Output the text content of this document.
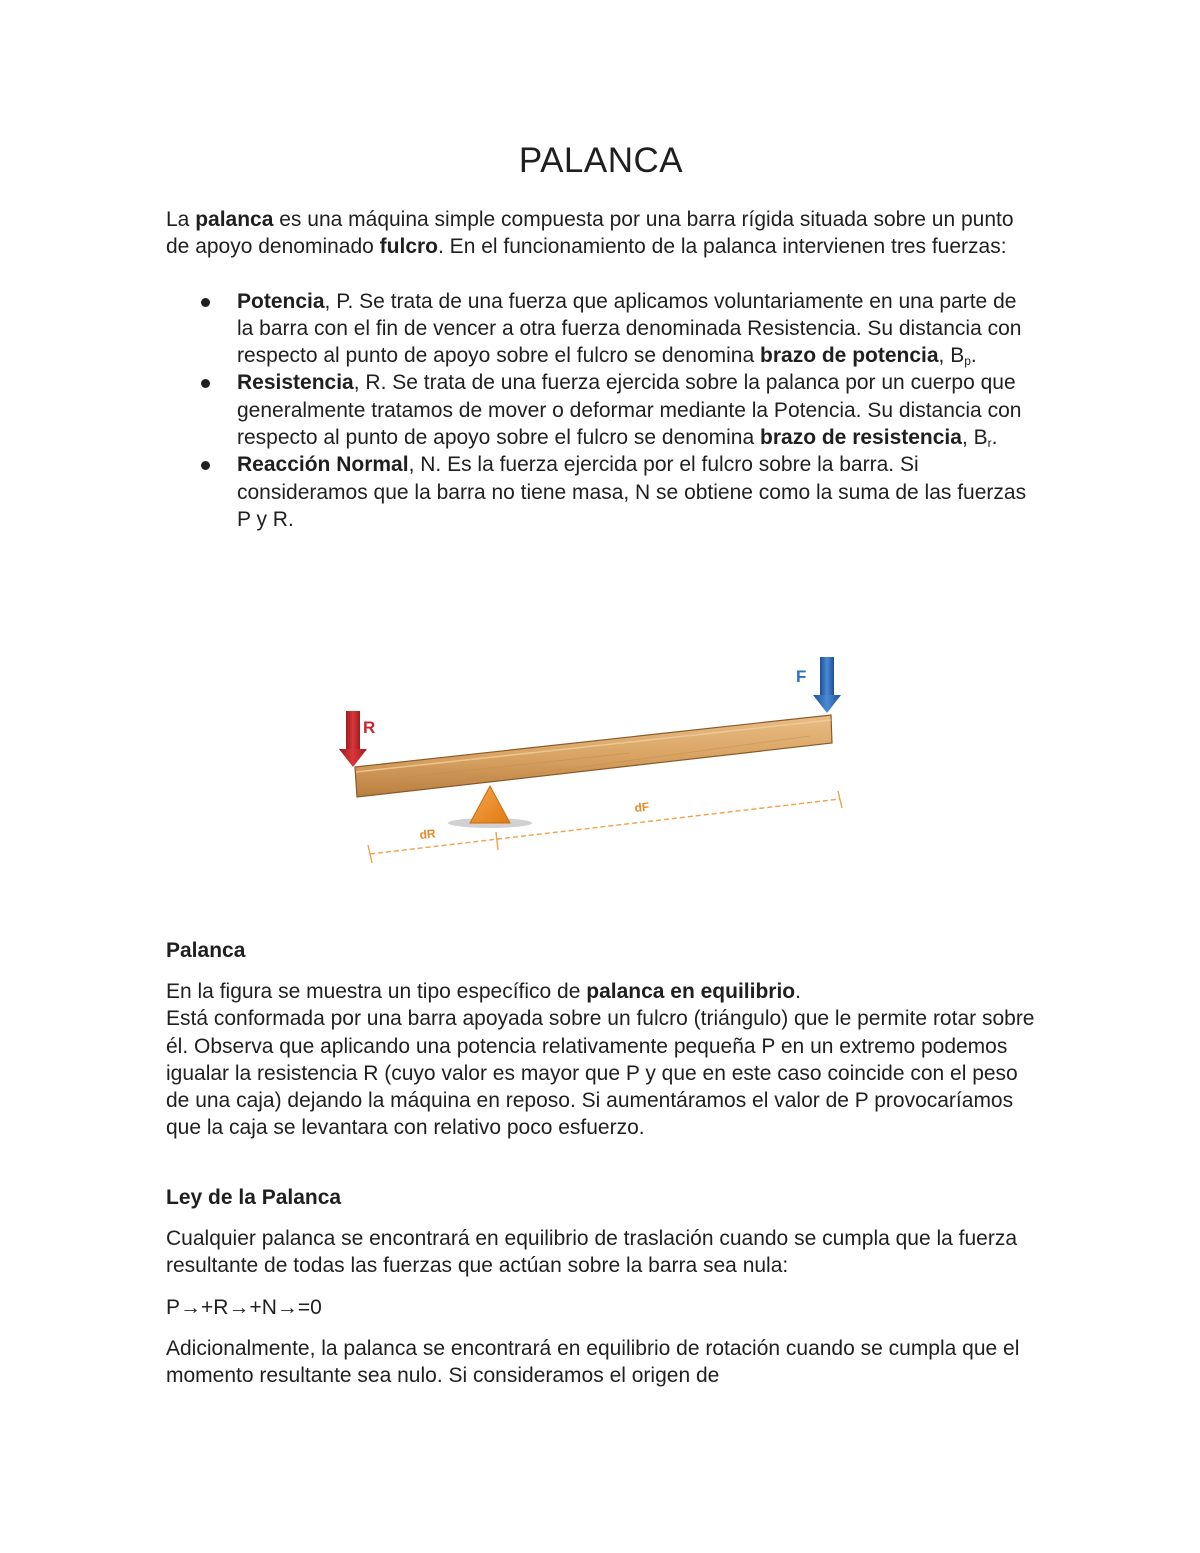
PALANCA

La palanca es una máquina simple compuesta por una barra rígida situada sobre un punto de apoyo denominado fulcro. En el funcionamiento de la palanca intervienen tres fuerzas:

Potencia, P. Se trata de una fuerza que aplicamos voluntariamente en una parte de la barra con el fin de vencer a otra fuerza denominada Resistencia. Su distancia con respecto al punto de apoyo sobre el fulcro se denomina brazo de potencia, $B_p$.
Resistencia, R. Se trata de una fuerza ejercida sobre la palanca por un cuerpo que generalmente tratamos de mover o deformar mediante la Potencia. Su distancia con respecto al punto de apoyo sobre el fulcro se denomina brazo de resistencia, $B_r$.
Reacción Normal, N. Es la fuerza ejercida por el fulcro sobre la barra. Si consideramos que la barra no tiene masa, N se obtiene como la suma de las fuerzas P y R.
R
F
dR
dF

Palanca

En la figura se muestra un tipo específico de palanca en equilibrio.

Está conformada por una barra apoyada sobre un fulcro (triángulo) que le permite rotar sobre él. Observa que aplicando una potencia relativamente pequeña P en un extremo podemos igualar la resistencia R (cuyo valor es mayor que P y que en este caso coincide con el peso de una caja) dejando la máquina en reposo. Si aumentáramos el valor de P provocaríamos que la caja se levantara con relativo poco esfuerzo.

Ley de la Palanca

Cualquier palanca se encontrará en equilibrio de traslación cuando se cumpla que la fuerza resultante de todas las fuerzas que actúan sobre la barra sea nula:

P→+R→+N→=0

Adicionalmente, la palanca se encontrará en equilibrio de rotación cuando se cumpla que el momento resultante sea nulo. Si consideramos el origen de
